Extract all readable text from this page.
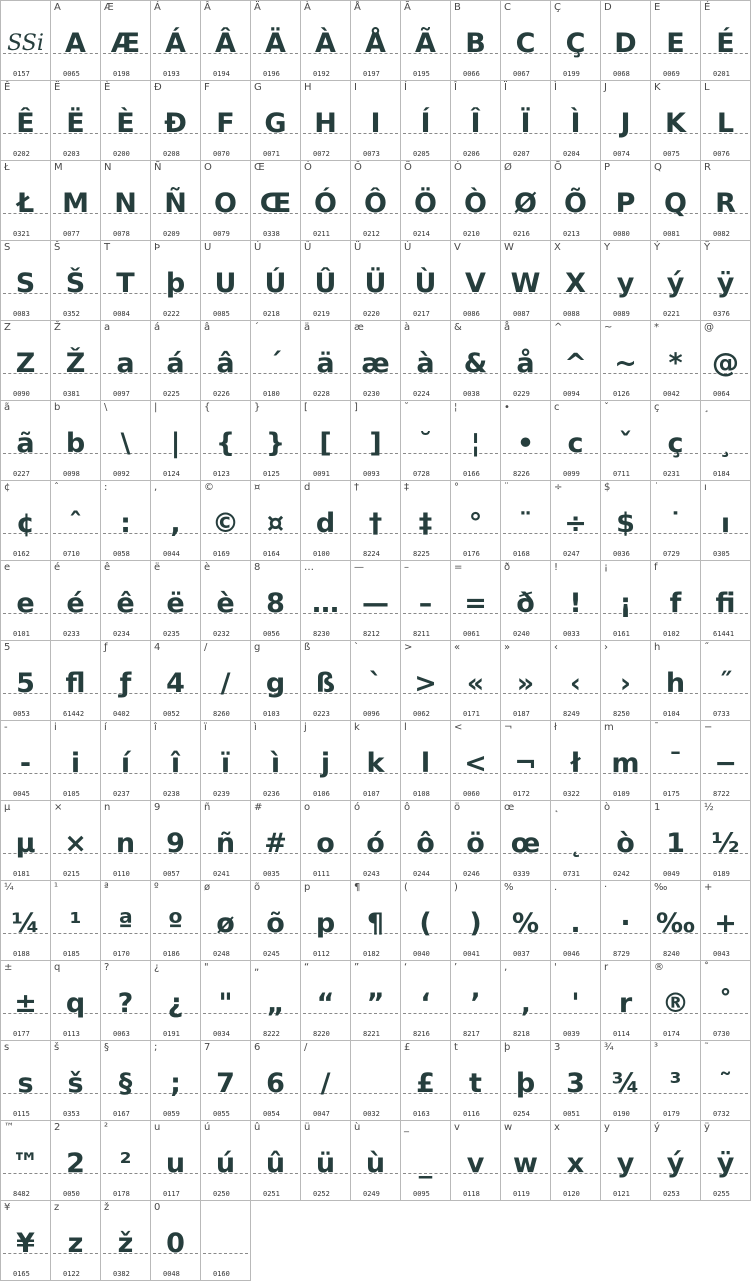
SSi
0157
A
A
0065
Æ
Æ
0198
Á
Á
0193
Â
Â
0194
Ä
Ä
0196
À
À
0192
Å
Å
0197
Ã
Ã
0195
B
B
0066
C
C
0067
Ç
Ç
0199
D
D
0068
E
E
0069
É
É
0201
Ê
Ê
0202
Ë
Ë
0203
È
È
0200
Đ
Đ
0208
F
F
0070
G
G
0071
H
H
0072
I
I
0073
Í
Í
0205
Î
Î
0206
Ï
Ï
0207
Ì
Ì
0204
J
J
0074
K
K
0075
L
L
0076
Ł
Ł
0321
M
M
0077
N
N
0078
Ñ
Ñ
0209
O
O
0079
Œ
Œ
0338
Ó
Ó
0211
Ô
Ô
0212
Ö
Ö
0214
Ò
Ò
0210
Ø
Ø
0216
Õ
Õ
0213
P
P
0080
Q
Q
0081
R
R
0082
S
S
0083
Š
Š
0352
T
T
0084
Þ
þ
0222
U
U
0085
Ú
Ú
0218
Û
Û
0219
Ü
Ü
0220
Ù
Ù
0217
V
V
0086
W
W
0087
X
X
0088
Y
y
0089
Ý
ý
0221
Ÿ
ÿ
0376
Z
Z
0090
Ž
Ž
0381
a
a
0097
á
á
0225
â
â
0226
´
´
0180
ä
ä
0228
æ
æ
0230
à
à
0224
&
&
0038
å
å
0229
^
^
0094
~
~
0126
*
*
0042
@
@
0064
ã
ã
0227
b
b
0098
\
\
0092
|
|
0124
{
{
0123
}
}
0125
[
[
0091
]
]
0093
˘
˘
0728
¦
¦
0166
•
•
8226
c
c
0099
ˇ
ˇ
0711
ç
ç
0231
¸
¸
0184
¢
¢
0162
ˆ
ˆ
0710
:
:
0058
,
,
0044
©
©
0169
¤
¤
0164
d
d
0100
†
†
8224
‡
‡
8225
°
°
0176
¨
¨
0168
÷
÷
0247
$
$
0036
˙
˙
0729
ı
ı
0305
e
e
0101
é
é
0233
ê
ê
0234
ë
ë
0235
è
è
0232
8
8
0056
…
…
8230
—
—
8212
–
–
8211
=
=
0061
ð
ð
0240
!
!
0033
¡
¡
0161
f
f
0102
fi
61441
5
5
0053
fl
61442
ƒ
ƒ
0402
4
4
0052
/
/
8260
g
g
0103
ß
ß
0223
`
`
0096
>
>
0062
«
«
0171
»
»
0187
‹
‹
8249
›
›
8250
h
h
0104
˝
˝
0733
-
-
0045
i
i
0105
í
í
0237
î
î
0238
ï
ï
0239
ì
ì
0236
j
j
0106
k
k
0107
l
l
0108
<
<
0060
¬
¬
0172
ł
ł
0322
m
m
0109
¯
¯
0175
−
−
8722
µ
µ
0181
×
×
0215
n
n
0110
9
9
0057
ñ
ñ
0241
#
#
0035
o
o
0111
ó
ó
0243
ô
ô
0244
ö
ö
0246
œ
œ
0339
˛
˛
0731
ò
ò
0242
1
1
0049
½
½
0189
¼
¼
0188
¹
¹
0185
ª
ª
0170
º
º
0186
ø
ø
0248
õ
õ
0245
p
p
0112
¶
¶
0182
(
(
0040
)
)
0041
%
%
0037
.
.
0046
·
·
8729
‰
‰
8240
+
+
0043
±
±
0177
q
q
0113
?
?
0063
¿
¿
0191
"
"
0034
„
„
8222
“
“
8220
”
”
8221
‘
‘
8216
’
’
8217
‚
‚
8218
'
'
0039
r
r
0114
®
®
0174
˚
˚
0730
s
s
0115
š
š
0353
§
§
0167
;
;
0059
7
7
0055
6
6
0054
/
/
0047	0032
£
£
0163
t
t
0116
þ
þ
0254
3
3
0051
¾
¾
0190
³
³
0179
˜
˜
0732
™
™
8482
2
2
0050
²
²
0178
u
u
0117
ú
ú
0250
û
û
0251
ü
ü
0252
ù
ù
0249
_
_
0095
v
v
0118
w
w
0119
x
x
0120
y
y
0121
ý
ý
0253
ÿ
ÿ
0255
¥
¥
0165
z
z
0122
ž
ž
0382
0
0
0048	0160
